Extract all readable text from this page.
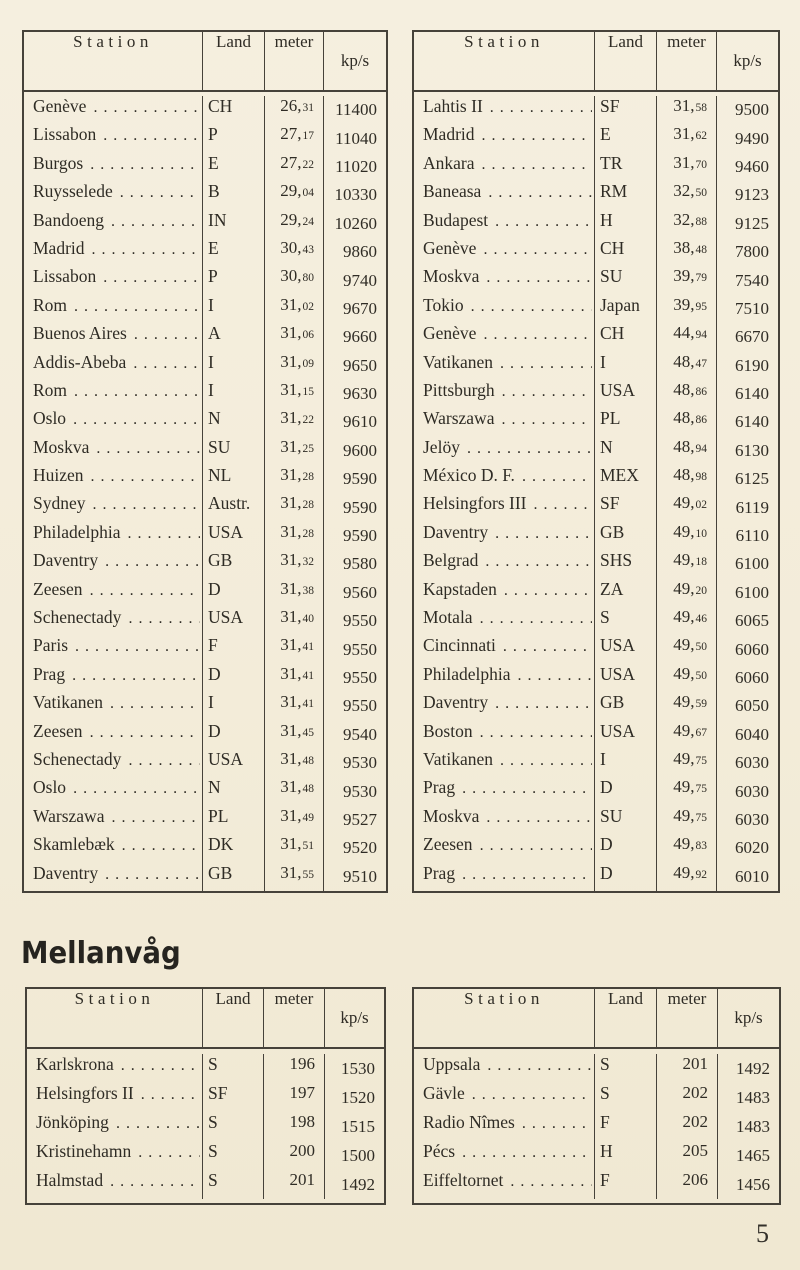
Station	Land	meter
kp/s
Genève .....	CH	26, 31	11400
Lissabon .....	P	27, 17	11040
Burgos .....	E	27, 22	11020
Ruysselede .....	B	29, 04	10330
Bandoeng .....	IN	29, 24	10260
Madrid .....	E	30, 43	9860
Lissabon .....	P	30, 80	9740
Rom .....	I	31, 02	9670
Buenos Aires .....	A	31, 06	9660
Addis-Abeba .....	I	31, 09	9650
Rom .....	I	31, 15	9630
Oslo .....	N	31, 22	9610
Moskva .....	SU	31, 25	9600
Huizen .....	NL	31, 28	9590
Sydney .....	Austr.	31, 28	9590
Philadelphia .....	USA	31, 28	9590
Daventry .....	GB	31, 32	9580
Zeesen .....	D	31, 38	9560
Schenectady .....	USA	31, 40	9550
Paris .....	F	31, 41	9550
Prag .....	D	31, 41	9550
Vatikanen .....	I	31, 41	9550
Zeesen .....	D	31, 45	9540
Schenectady .....	USA	31, 48	9530
Oslo .....	N	31, 48	9530
Warszawa .....	PL	31, 49	9527
Skamlebæk .....	DK	31, 51	9520
Daventry .....	GB	31, 55	9510
Station	Land	meter
kp/s
Lahtis II .....	SF	31, 58	9500
Madrid .....	E	31, 62	9490
Ankara .....	TR	31, 70	9460
Baneasa .....	RM	32, 50	9123
Budapest .....	H	32, 88	9125
Genève .....	CH	38, 48	7800
Moskva .....	SU	39, 79	7540
Tokio .....	Japan	39, 95	7510
Genève .....	CH	44, 94	6670
Vatikanen .....	I	48, 47	6190
Pittsburgh .....	USA	48, 86	6140
Warszawa .....	PL	48, 86	6140
Jelöy .....	N	48, 94	6130
México D. F. .....	MEX	48, 98	6125
Helsingfors III .....	SF	49, 02	6119
Daventry .....	GB	49, 10	6110
Belgrad .....	SHS	49, 18	6100
Kapstaden .....	ZA	49, 20	6100
Motala .....	S	49, 46	6065
Cincinnati .....	USA	49, 50	6060
Philadelphia .....	USA	49, 50	6060
Daventry .....	GB	49, 59	6050
Boston .....	USA	49, 67	6040
Vatikanen .....	I	49, 75	6030
Prag .....	D	49, 75	6030
Moskva .....	SU	49, 75	6030
Zeesen .....	D	49, 83	6020
Prag .....	D	49, 92	6010
Mellanvåg
Station	Land	meter
kp/s
Karlskrona .....	S	196	1530
Helsingfors II .....	SF	197	1520
Jönköping .....	S	198	1515
Kristinehamn .....	S	200	1500
Halmstad .....	S	201	1492
Station	Land	meter
kp/s
Uppsala .....	S	201	1492
Gävle .....	S	202	1483
Radio Nîmes .....	F	202	1483
Pécs .....	H	205	1465
Eiffeltornet .....	F	206	1456
5
